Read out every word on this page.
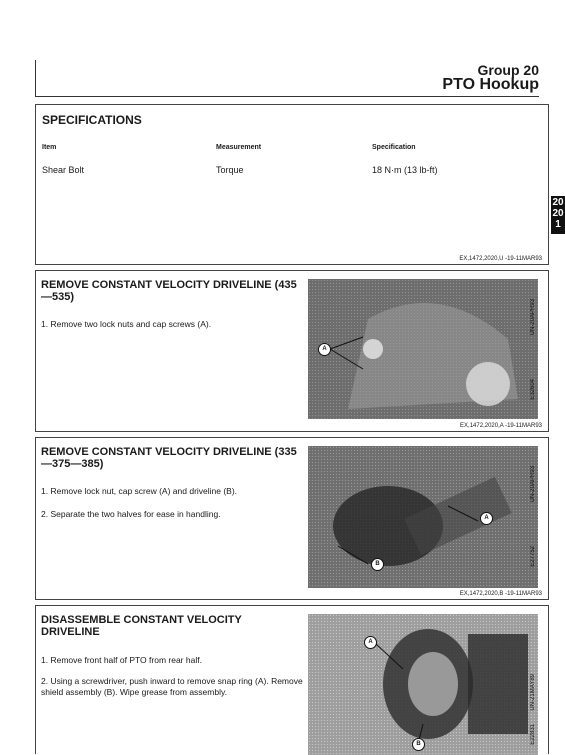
Group 20
PTO Hookup
20
20
1
SPECIFICATIONS
Item	Measurement	Specification
Shear Bolt	Torque	18 N·m (13 lb-ft)
EX,1472,2020,U -19-11MAR93
REMOVE CONSTANT VELOCITY DRIVELINE (435—535)
1. Remove two lock nuts and cap screws (A).
A
UN-20APR93
E32604
EX,1472,2020,A -19-11MAR93
REMOVE CONSTANT VELOCITY DRIVELINE (335—375—385)
1. Remove lock nut, cap screw (A) and driveline (B).
2. Separate the two halves for ease in handling.	A
B
UN-20APR93
E27752
EX,1472,2020,B -19-11MAR93
DISASSEMBLE CONSTANT VELOCITY DRIVELINE
1. Remove front half of PTO from rear half.
2. Using a screwdriver, push inward to remove snap ring (A). Remove shield assembly (B). Wipe grease from assembly.
A
B
UN-21MAY89
E22831
